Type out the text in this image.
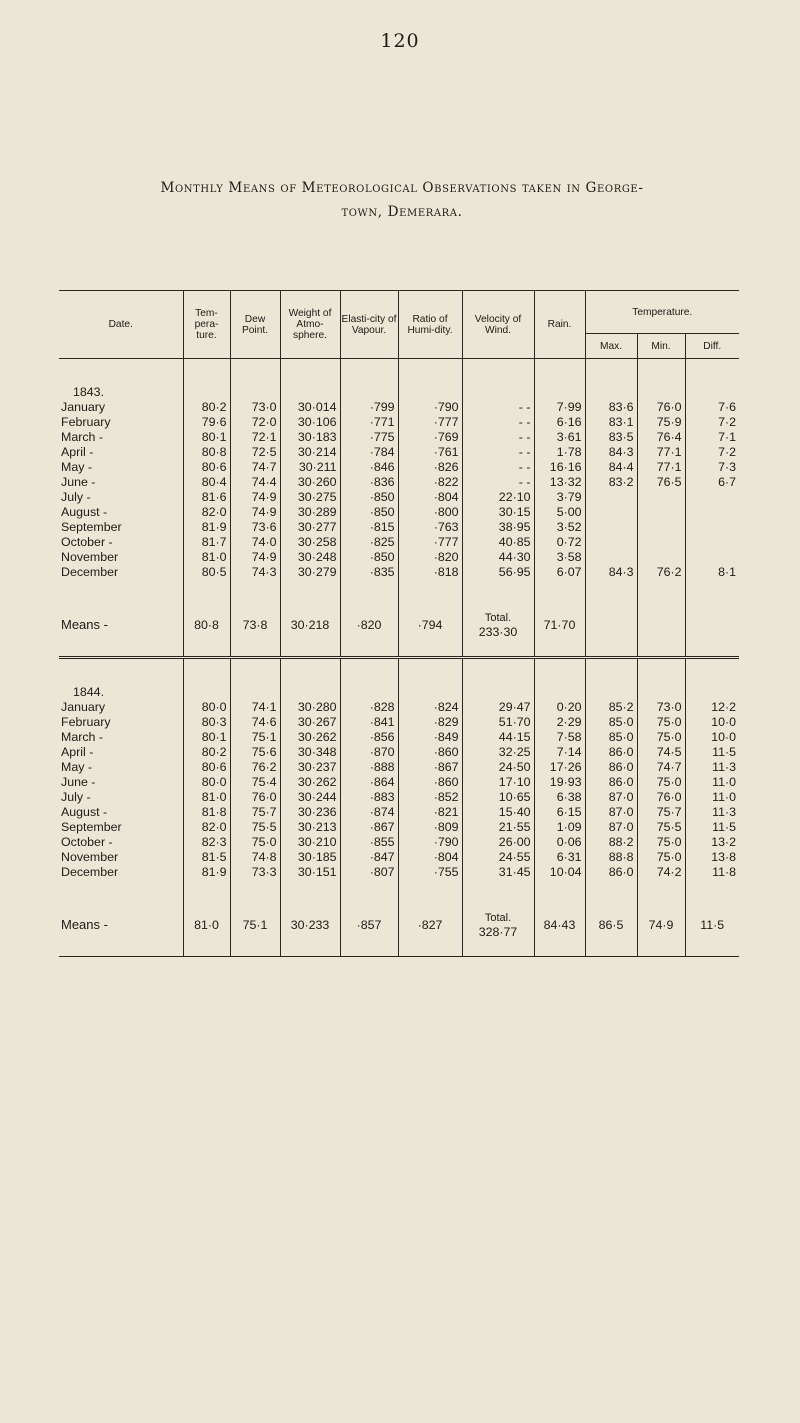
120
Monthly Means of Meteorological Observations taken in George-
town, Demerara.
Date.	Tem-pera-ture.	Dew Point.	Weight of Atmo-sphere.	Elasti-city of Vapour.	Ratio of Humi-dity.	Velocity of Wind.	Rain.	Temperature.		
								Max.	Min.	Diff.
1843.										
January	80·2	73·0	30·014	·799	·790	- -	7·99	83·6	76·0	7·6
February	79·6	72·0	30·106	·771	·777	- -	6·16	83·1	75·9	7·2
March -	80·1	72·1	30·183	·775	·769	- -	3·61	83·5	76·4	7·1
April -	80·8	72·5	30·214	·784	·761	- -	1·78	84·3	77·1	7·2
May -	80·6	74·7	30·211	·846	·826	- -	16·16	84·4	77·1	7·3
June -	80·4	74·4	30·260	·836	·822	- -	13·32	83·2	76·5	6·7
July -	81·6	74·9	30·275	·850	·804	22·10	3·79			
August -	82·0	74·9	30·289	·850	·800	30·15	5·00			
September	81·9	73·6	30·277	·815	·763	38·95	3·52			
October -	81·7	74·0	30·258	·825	·777	40·85	0·72			
November	81·0	74·9	30·248	·850	·820	44·30	3·58			
December	80·5	74·3	30·279	·835	·818	56·95	6·07	84·3	76·2	8·1

Means -	80·8	73·8	30·218	·820	·794	Total.
233·30	71·70			
1844.										
January	80·0	74·1	30·280	·828	·824	29·47	0·20	85·2	73·0	12·2
February	80·3	74·6	30·267	·841	·829	51·70	2·29	85·0	75·0	10·0
March -	80·1	75·1	30·262	·856	·849	44·15	7·58	85·0	75·0	10·0
April -	80·2	75·6	30·348	·870	·860	32·25	7·14	86·0	74·5	11·5
May -	80·6	76·2	30·237	·888	·867	24·50	17·26	86·0	74·7	11·3
June -	80·0	75·4	30·262	·864	·860	17·10	19·93	86·0	75·0	11·0
July -	81·0	76·0	30·244	·883	·852	10·65	6·38	87·0	76·0	11·0
August -	81·8	75·7	30·236	·874	·821	15·40	6·15	87·0	75·7	11·3
September	82·0	75·5	30·213	·867	·809	21·55	1·09	87·0	75·5	11·5
October -	82·3	75·0	30·210	·855	·790	26·00	0·06	88·2	75·0	13·2
November	81·5	74·8	30·185	·847	·804	24·55	6·31	88·8	75·0	13·8
December	81·9	73·3	30·151	·807	·755	31·45	10·04	86·0	74·2	11·8

Means -	81·0	75·1	30·233	·857	·827	Total.
328·77	84·43	86·5	74·9	11·5
